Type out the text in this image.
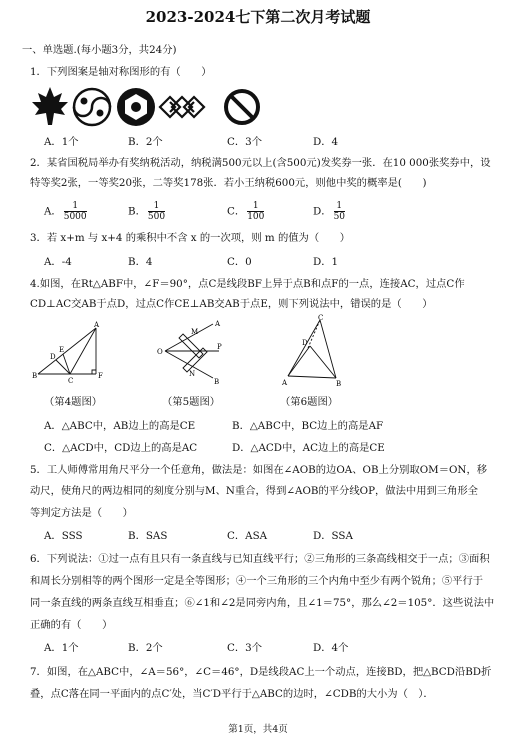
2023-2024七下第二次月考试题
一、单选题.(每小题3分，共24分)
1．下列图案是轴对称图形的有（　　）
A．1个	B．2个	C．3个	D．4
2．某省国税局举办有奖纳税活动，纳税满500元以上(含500元)发奖券一张．在10 000张奖券中，设
特等奖2张，一等奖20张，二等奖178张．若小王纳税600元，则他中奖的概率是(　　)
A． $\frac{1}{5000}$	B． $\frac{1}{500}$	C． $\frac{1}{100}$	D． $\frac{1}{50}$
3．若 x+m 与 x+4 的乘积中不含 x 的一次项，则 m 的值为（　　）
A．-4	B．4	C．0	D．1
4.如图，在Rt△ABF中，∠F＝90°，点C是线段BF上异于点B和点F的一点，连接AC，过点C作
CD⊥AC交AB于点D，过点C作CE⊥AB交AB于点E，则下列说法中，错误的是（　　）
A
E
D
B
C
F
O
M
N
P
A
B
C
D
A	B
（第4题图）	（第5题图）	（第6题图）
A．△ABC中，AB边上的高是CE	B．△ABC中，BC边上的高是AF
C．△ACD中，CD边上的高是AC	D．△ACD中，AC边上的高是CE
5．工人师傅常用角尺平分一个任意角，做法是：如图在∠AOB的边OA、OB上分别取OM＝ON，移
动尺，使角尺的两边相同的刻度分别与M、N重合，得到∠AOB的平分线OP，做法中用到三角形全
等判定方法是（　　）
A．SSS	B．SAS	C．ASA	D．SSA
6．下列说法：①过一点有且只有一条直线与已知直线平行；②三角形的三条高线相交于一点；③面积
和周长分别相等的两个图形一定是全等图形；④一个三角形的三个内角中至少有两个锐角；⑤平行于
同一条直线的两条直线互相垂直；⑥∠1和∠2是同旁内角，且∠1＝75°，那么∠2＝105°．这些说法中
正确的有（　　）
A．1个	B．2个	C．3个	D．4个
7．如图，在△ABC中，∠A＝56°，∠C＝46°，D是线段AC上一个动点，连接BD，把△BCD沿BD折
叠，点C落在同一平面内的点C′处，当C′D平行于△ABC的边时，∠CDB的大小为（　）．
第1页，共4页
